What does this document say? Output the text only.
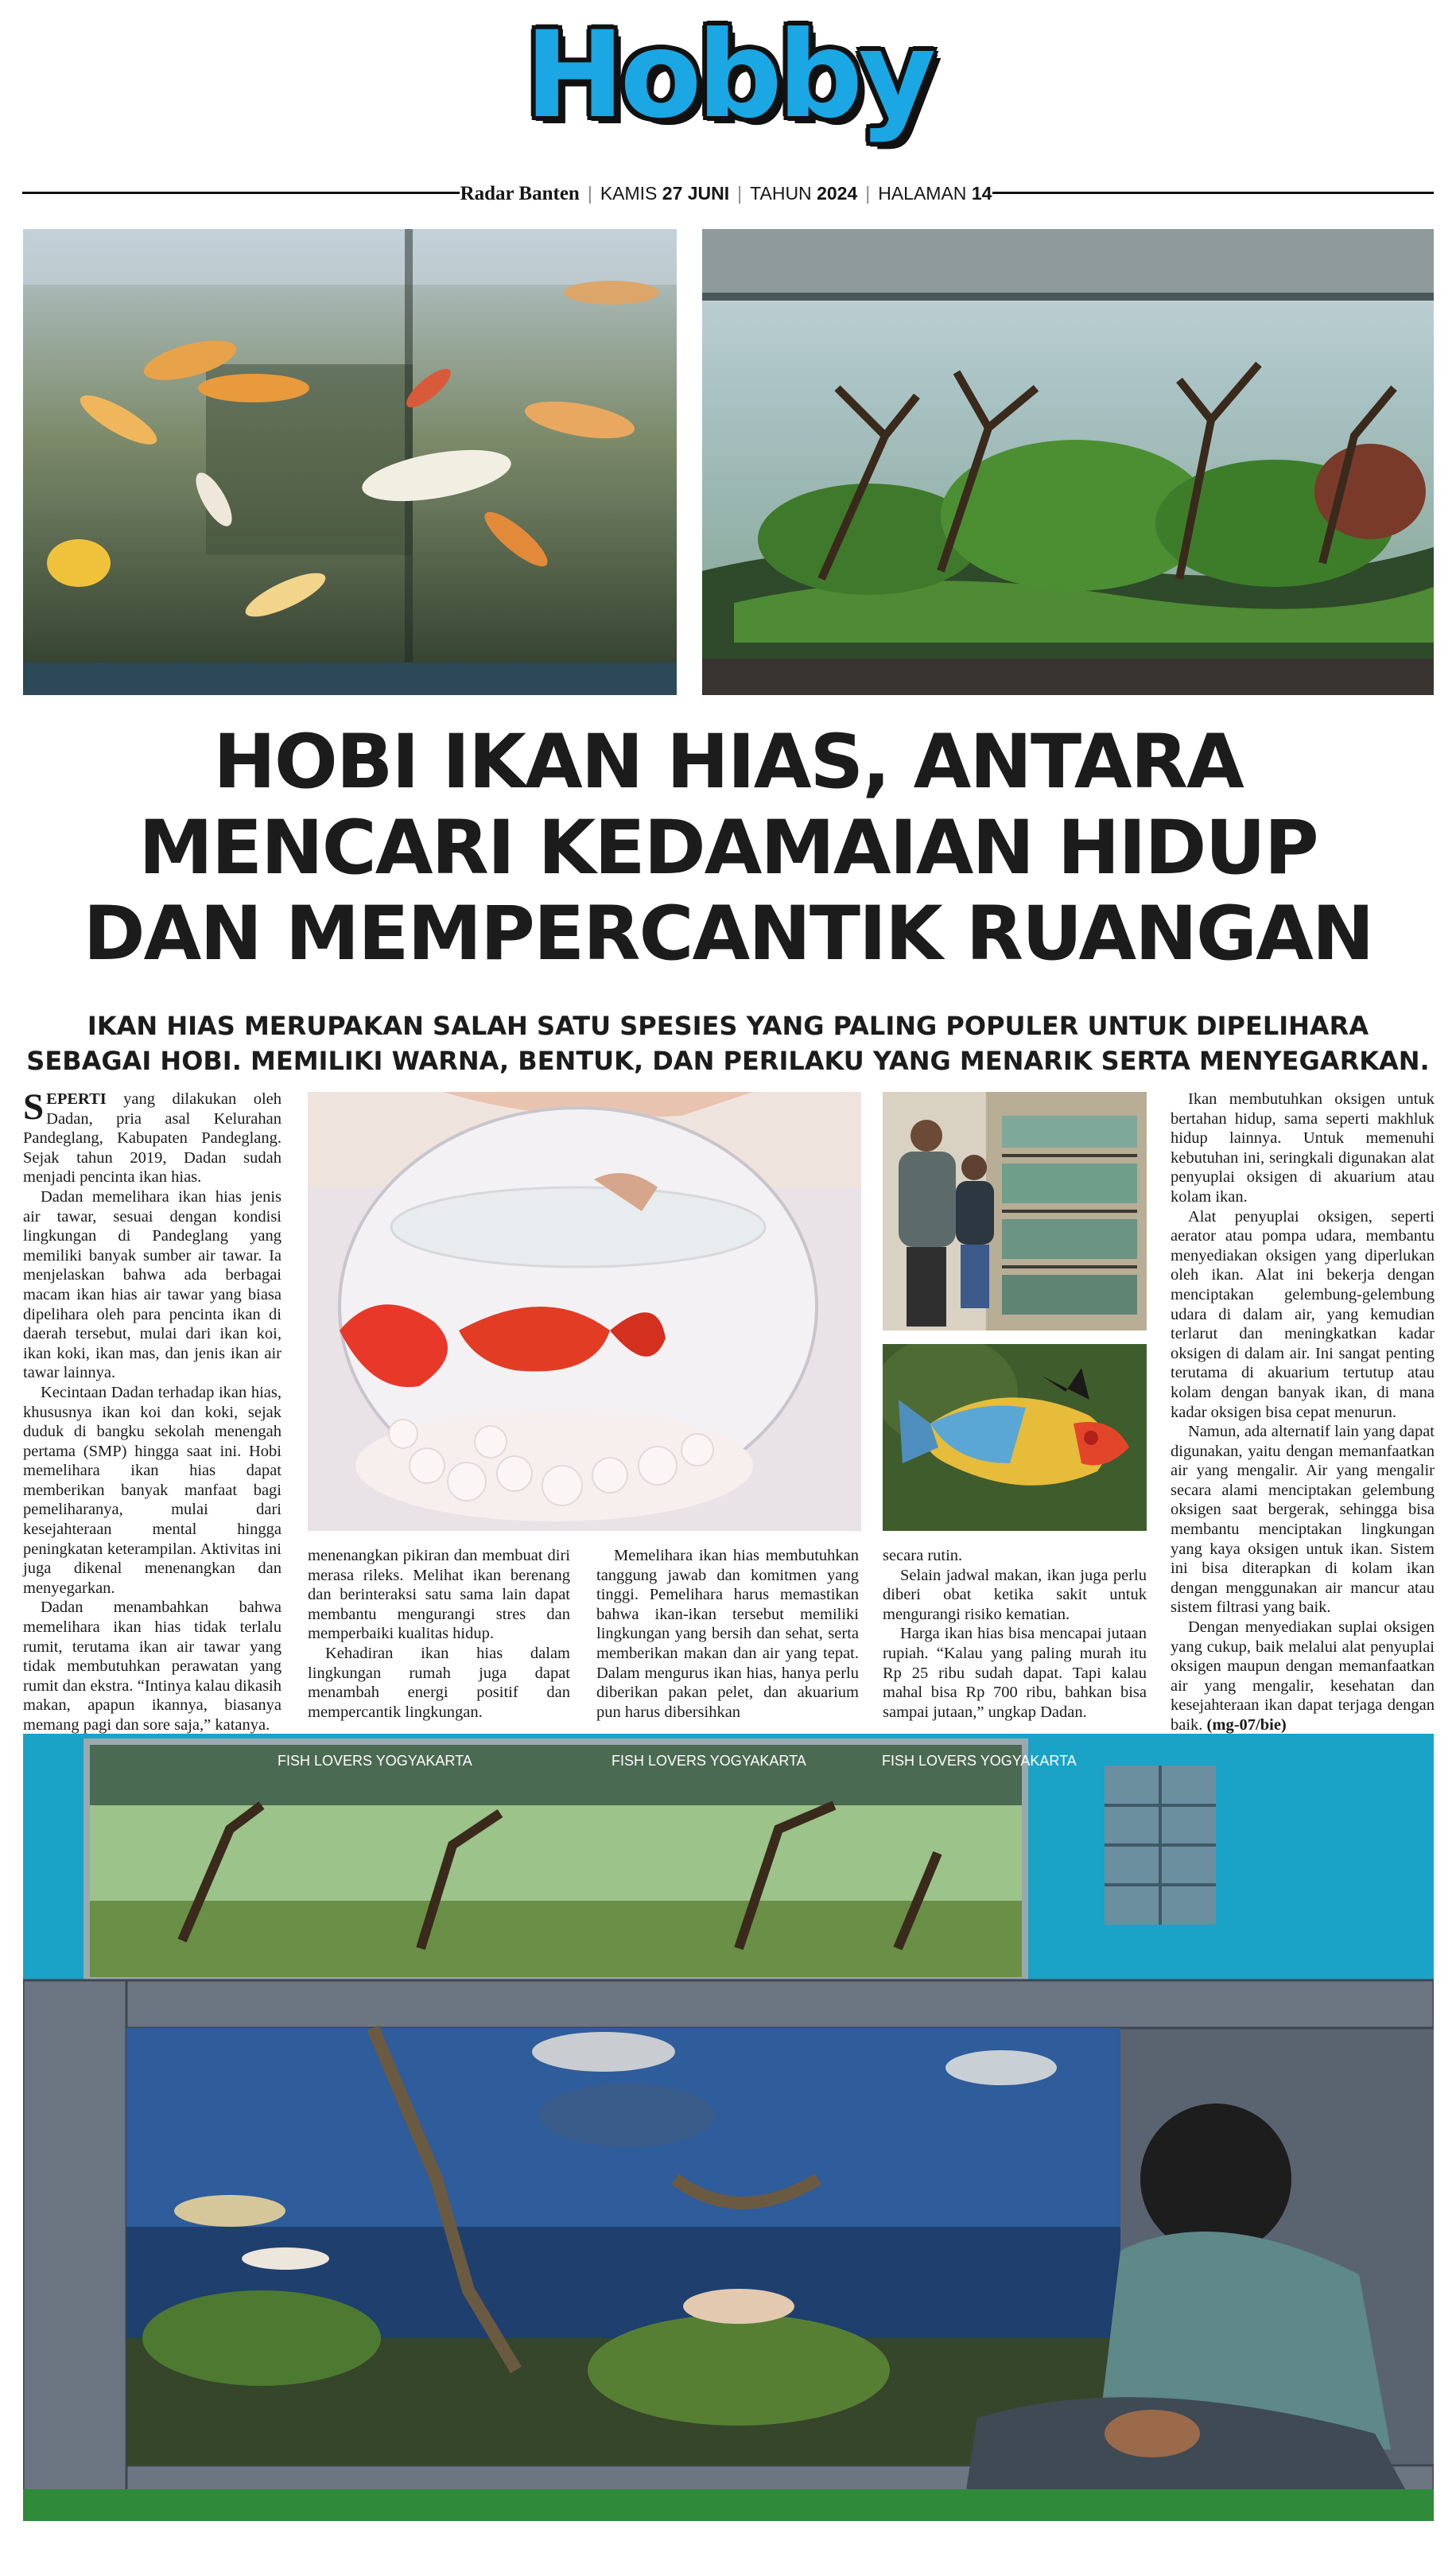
Hobby
Radar Banten | KAMIS 27 JUNI | TAHUN 2024 | HALAMAN 14
HOBI IKAN HIAS, ANTARA
MENCARI KEDAMAIAN HIDUP
DAN MEMPERCANTIK RUANGAN
IKAN HIAS MERUPAKAN SALAH SATU SPESIES YANG PALING POPULER UNTUK DIPELIHARA
SEBAGAI HOBI. MEMILIKI WARNA, BENTUK, DAN PERILAKU YANG MENARIK SERTA MENYEGARKAN.

SEPERTI yang dilakukan oleh Dadan, pria asal Kelurahan Pandeglang, Kabupaten Pandeglang. Sejak tahun 2019, Dadan sudah menjadi pencinta ikan hias.

Dadan memelihara ikan hias jenis air tawar, sesuai dengan kondisi lingkungan di Pandeglang yang memiliki banyak sumber air tawar. Ia menjelaskan bahwa ada berbagai macam ikan hias air tawar yang biasa dipelihara oleh para pencinta ikan di daerah tersebut, mulai dari ikan koi, ikan koki, ikan mas, dan jenis ikan air tawar lainnya.

Kecintaan Dadan terhadap ikan hias, khususnya ikan koi dan koki, sejak duduk di bangku sekolah menengah pertama (SMP) hingga saat ini. Hobi memelihara ikan hias dapat memberikan banyak manfaat bagi pemeliharanya, mulai dari kesejahteraan mental hingga peningkatan keterampilan. Aktivitas ini juga dikenal menenangkan dan menyegarkan.

Dadan menambahkan bahwa memelihara ikan hias tidak terlalu rumit, terutama ikan air tawar yang tidak membutuhkan perawatan yang rumit dan ekstra. “Intinya kalau dikasih makan, apapun ikannya, biasanya memang pagi dan sore saja,” katanya.

menenangkan pikiran dan membuat diri merasa rileks. Melihat ikan berenang dan berinteraksi satu sama lain dapat membantu mengurangi stres dan memperbaiki kualitas hidup.

Kehadiran ikan hias dalam lingkungan rumah juga dapat menambah energi positif dan mempercantik lingkungan.

Memelihara ikan hias membutuhkan tanggung jawab dan komitmen yang tinggi. Pemelihara harus memastikan bahwa ikan-ikan tersebut memiliki lingkungan yang bersih dan sehat, serta memberikan makan dan air yang tepat. Dalam mengurus ikan hias, hanya perlu diberikan pakan pelet, dan akuarium pun harus dibersihkan

secara rutin.

Selain jadwal makan, ikan juga perlu diberi obat ketika sakit untuk mengurangi risiko kematian.

Harga ikan hias bisa mencapai jutaan rupiah. “Kalau yang paling murah itu Rp 25 ribu sudah dapat. Tapi kalau mahal bisa Rp 700 ribu, bahkan bisa sampai jutaan,” ungkap Dadan.

Ikan membutuhkan oksigen untuk bertahan hidup, sama seperti makhluk hidup lainnya. Untuk memenuhi kebutuhan ini, seringkali digunakan alat penyuplai oksigen di akuarium atau kolam ikan.

Alat penyuplai oksigen, seperti aerator atau pompa udara, membantu menyediakan oksigen yang diperlukan oleh ikan. Alat ini bekerja dengan menciptakan gelembung-gelembung udara di dalam air, yang kemudian terlarut dan meningkatkan kadar oksigen di dalam air. Ini sangat penting terutama di akuarium tertutup atau kolam dengan banyak ikan, di mana kadar oksigen bisa cepat menurun.

Namun, ada alternatif lain yang dapat digunakan, yaitu dengan memanfaatkan air yang mengalir. Air yang mengalir secara alami menciptakan gelembung oksigen saat bergerak, sehingga bisa membantu menciptakan lingkungan yang kaya oksigen untuk ikan. Sistem ini bisa diterapkan di kolam ikan dengan menggunakan air mancur atau sistem filtrasi yang baik.

Dengan menyediakan suplai oksigen yang cukup, baik melalui alat penyuplai oksigen maupun dengan memanfaatkan air yang mengalir, kesehatan dan kesejahteraan ikan dapat terjaga dengan baik. (mg-07/bie)

FISH LOVERS YOGYAKARTA	FISH LOVERS YOGYAKARTA	FISH LOVERS YOGYAKARTA
